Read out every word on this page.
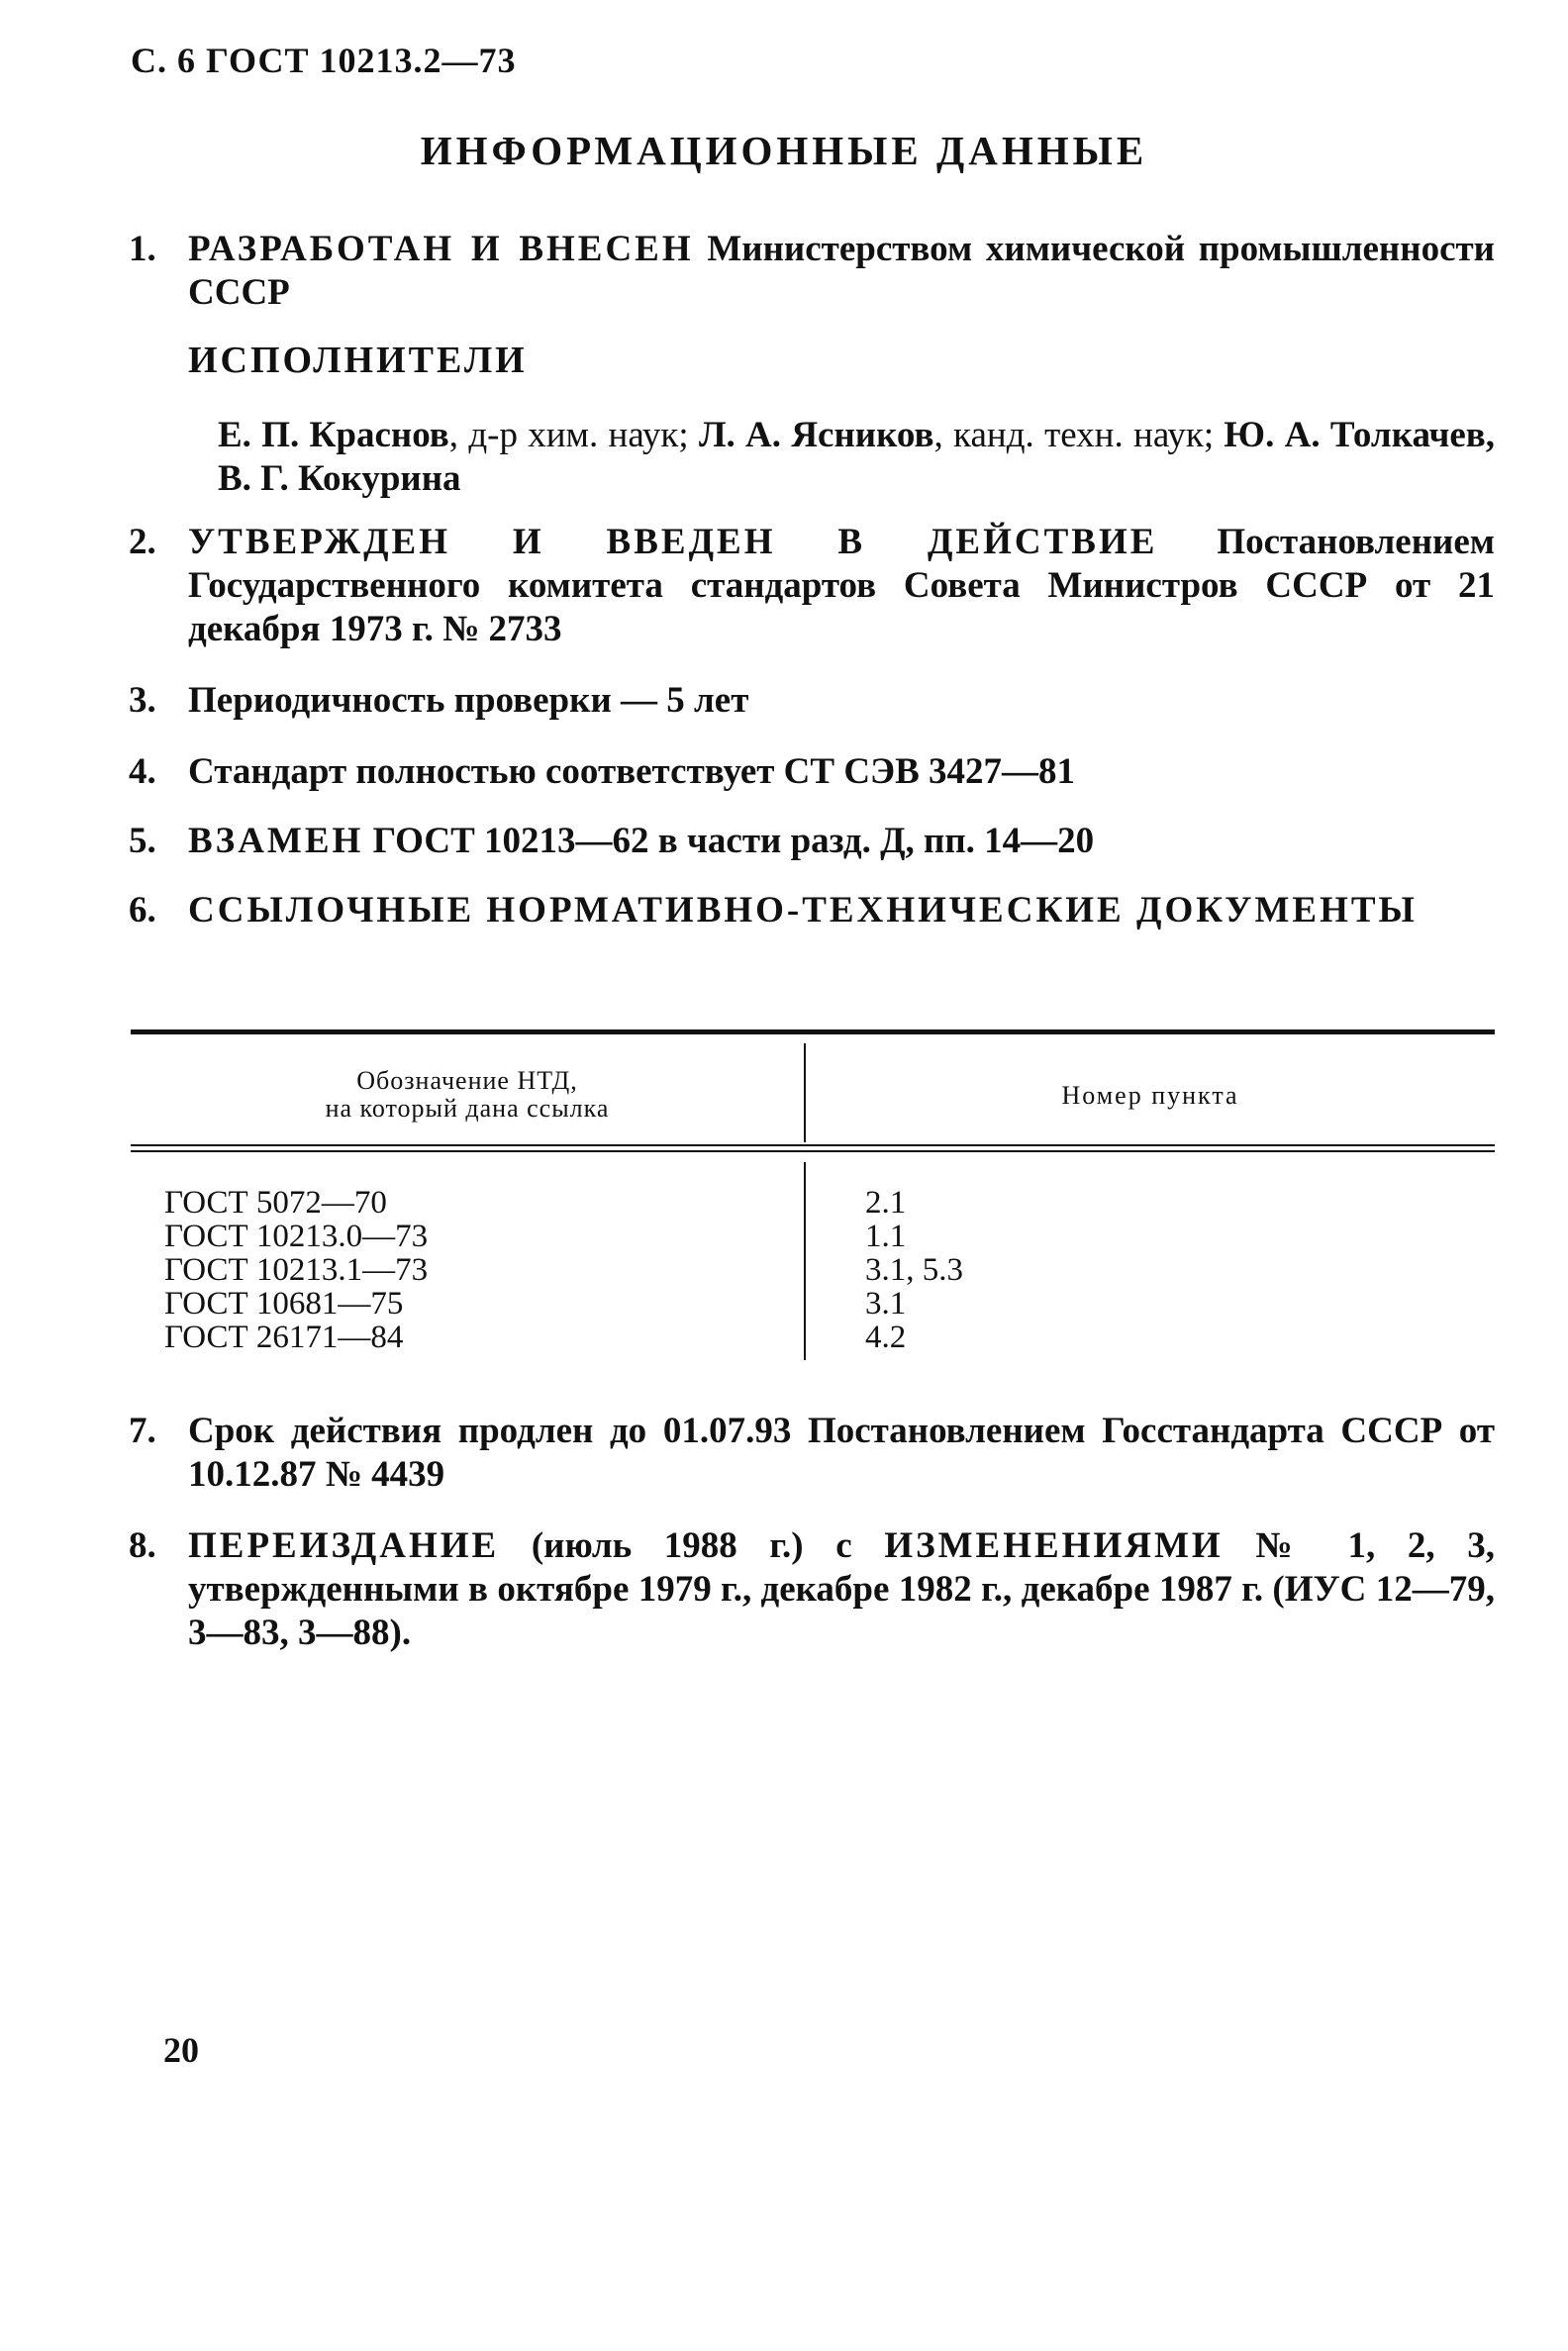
С. 6 ГОСТ 10213.2—73
ИНФОРМАЦИОННЫЕ ДАННЫЕ
1. РАЗРАБОТАН И ВНЕСЕН Министерством химической промышленности СССР
ИСПОЛНИТЕЛИ
Е. П. Краснов, д-р хим. наук; Л. А. Ясников, канд. техн. наук; Ю. А. Толкачев, В. Г. Кокурина
2. УТВЕРЖДЕН И ВВЕДЕН В ДЕЙСТВИЕ Постановлением Государственного комитета стандартов Совета Министров СССР от 21 декабря 1973 г. № 2733
3. Периодичность проверки — 5 лет
4. Стандарт полностью соответствует СТ СЭВ 3427—81
5. ВЗАМЕН ГОСТ 10213—62 в части разд. Д, пп. 14—20
6. ССЫЛОЧНЫЕ НОРМАТИВНО-ТЕХНИЧЕСКИЕ ДОКУМЕНТЫ
Обозначение НТД,
на который дана ссылка	Номер пункта
ГОСТ 5072—70
ГОСТ 10213.0—73
ГОСТ 10213.1—73
ГОСТ 10681—75
ГОСТ 26171—84
2.1
1.1
3.1, 5.3
3.1
4.2
7. Срок действия продлен до 01.07.93 Постановлением Госстандарта СССР от 10.12.87 № 4439
8. ПЕРЕИЗДАНИЕ (июль 1988 г.) с ИЗМЕНЕНИЯМИ № 1, 2, 3, утвержденными в октябре 1979 г., декабре 1982 г., декабре 1987 г. (ИУС 12—79, 3—83, 3—88).
20
